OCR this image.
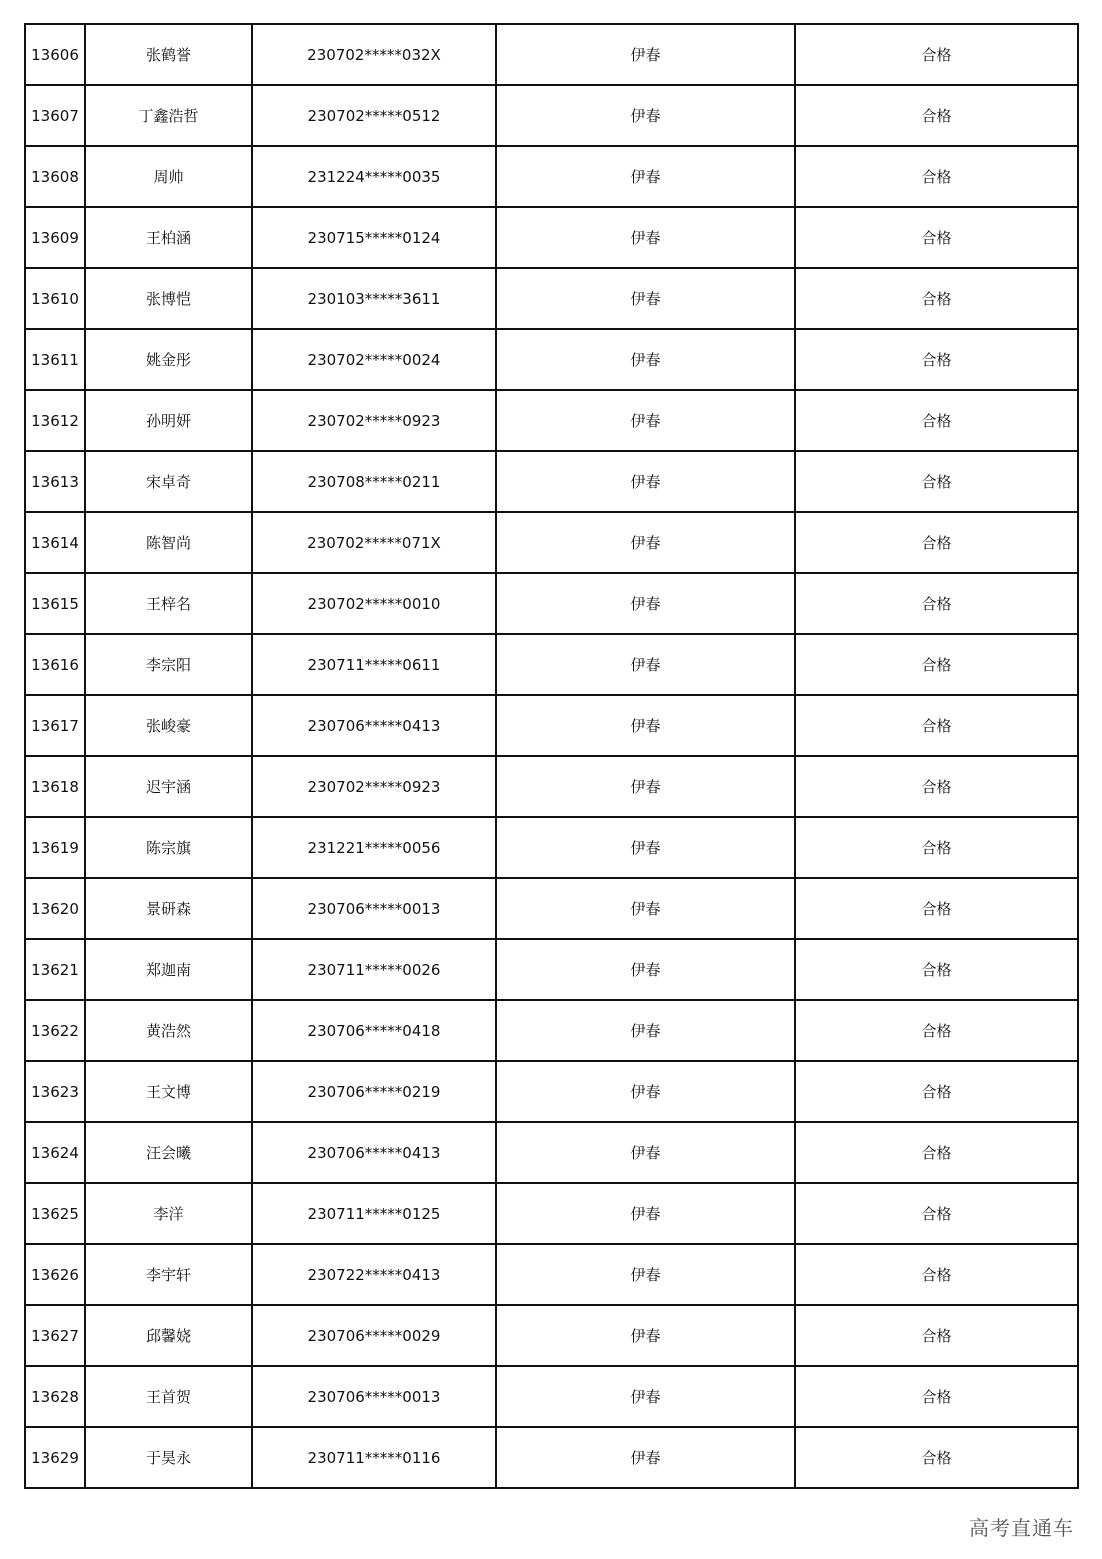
13606	张鹤誉	230702*****032X	伊春	合格
13607	丁鑫浩哲	230702*****0512	伊春	合格
13608	周帅	231224*****0035	伊春	合格
13609	王柏涵	230715*****0124	伊春	合格
13610	张博恺	230103*****3611	伊春	合格
13611	姚金彤	230702*****0024	伊春	合格
13612	孙明妍	230702*****0923	伊春	合格
13613	宋卓奇	230708*****0211	伊春	合格
13614	陈智尚	230702*****071X	伊春	合格
13615	王梓名	230702*****0010	伊春	合格
13616	李宗阳	230711*****0611	伊春	合格
13617	张峻豪	230706*****0413	伊春	合格
13618	迟宇涵	230702*****0923	伊春	合格
13619	陈宗旗	231221*****0056	伊春	合格
13620	景研森	230706*****0013	伊春	合格
13621	郑迦南	230711*****0026	伊春	合格
13622	黄浩然	230706*****0418	伊春	合格
13623	王文博	230706*****0219	伊春	合格
13624	汪会曦	230706*****0413	伊春	合格
13625	李洋	230711*****0125	伊春	合格
13626	李宇轩	230722*****0413	伊春	合格
13627	邱馨娆	230706*****0029	伊春	合格
13628	王首贺	230706*****0013	伊春	合格
13629	于昊永	230711*****0116	伊春	合格
高考直通车
